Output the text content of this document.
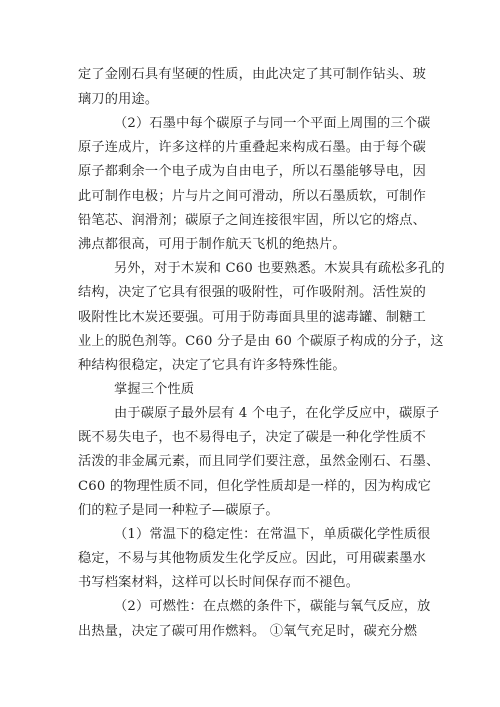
定了金刚石具有坚硬的性质，由此决定了其可制作钻头、玻
璃刀的用途。
（2）石墨中每个碳原子与同一个平面上周围的三个碳
原子连成片，许多这样的片重叠起来构成石墨。由于每个碳
原子都剩余一个电子成为自由电子，所以石墨能够导电，因
此可制作电极；片与片之间可滑动，所以石墨质软，可制作
铅笔芯、润滑剂；碳原子之间连接很牢固，所以它的熔点、
沸点都很高，可用于制作航天飞机的绝热片。
另外，对于木炭和 C60 也要熟悉。木炭具有疏松多孔的
结构，决定了它具有很强的吸附性，可作吸附剂。活性炭的
吸附性比木炭还要强。可用于防毒面具里的滤毒罐、制糖工
业上的脱色剂等。C60 分子是由 60 个碳原子构成的分子，这
种结构很稳定，决定了它具有许多特殊性能。
掌握三个性质
由于碳原子最外层有 4 个电子，在化学反应中，碳原子
既不易失电子，也不易得电子，决定了碳是一种化学性质不
活泼的非金属元素，而且同学们要注意，虽然金刚石、石墨、
C60 的物理性质不同，但化学性质却是一样的，因为构成它
们的粒子是同一种粒子—碳原子。
（1）常温下的稳定性：在常温下，单质碳化学性质很
稳定，不易与其他物质发生化学反应。因此，可用碳素墨水
书写档案材料，这样可以长时间保存而不褪色。
（2）可燃性：在点燃的条件下，碳能与氧气反应，放
出热量，决定了碳可用作燃料。 ①氧气充足时，碳充分燃
